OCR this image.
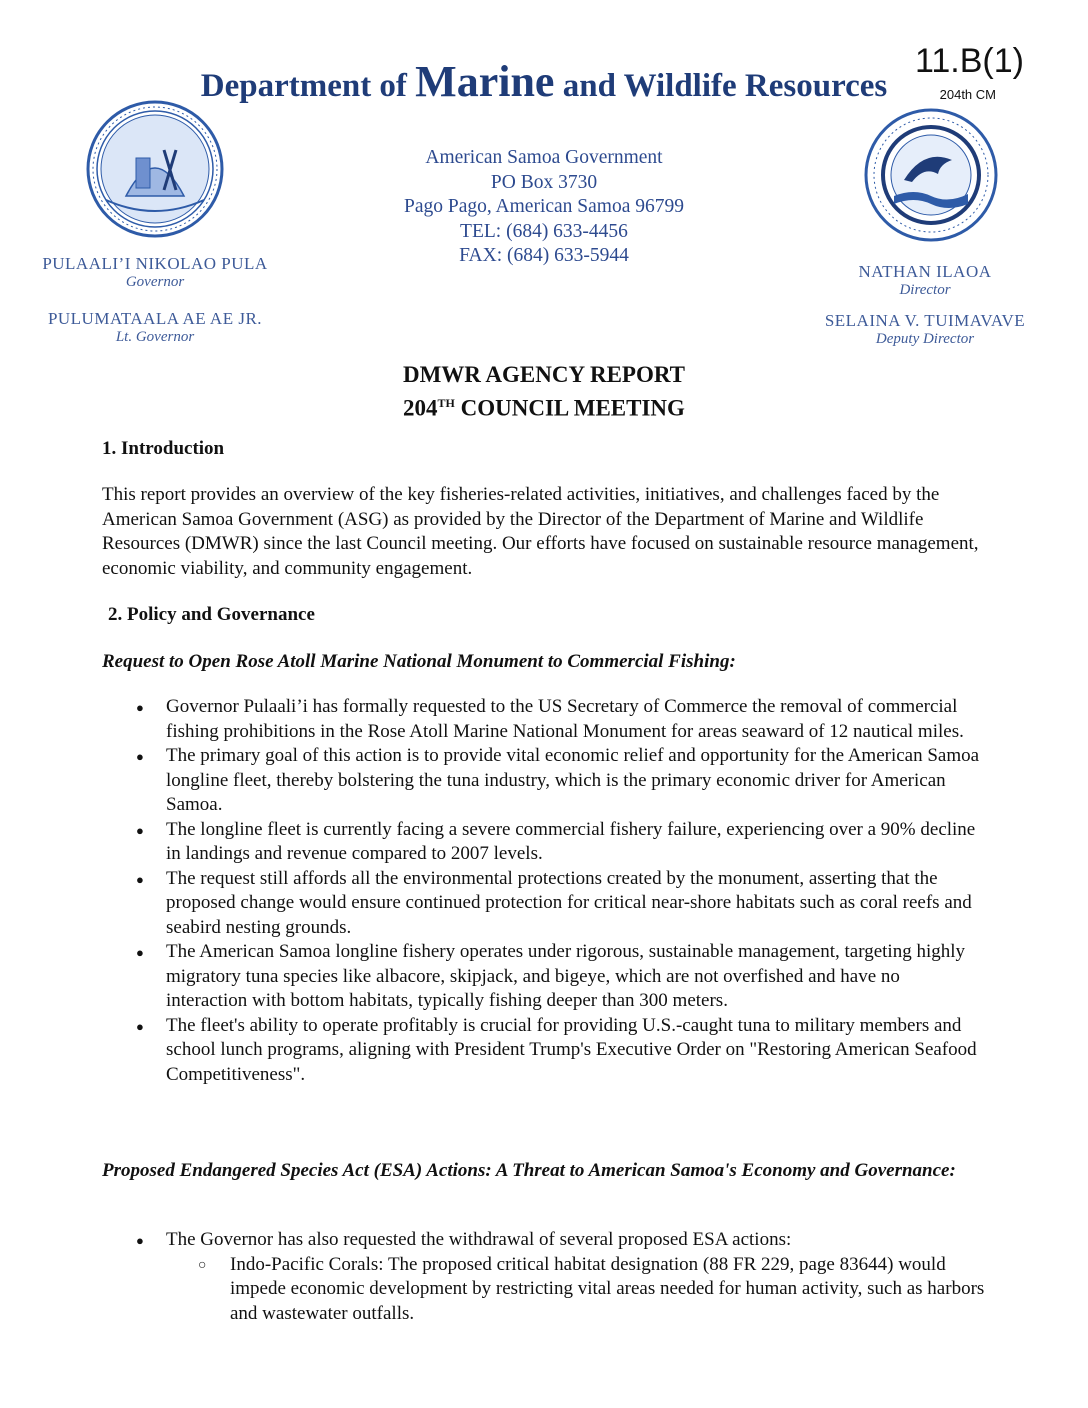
11.B(1)
204th CM
Department of Marine and Wildlife Resources
PULAALI’I NIKOLAO PULA
Governor
PULUMATAALA AE AE JR.
Lt. Governor
NATHAN ILAOA
Director
SELAINA V. TUIMAVAVE
Deputy Director
American Samoa Government
PO Box 3730
Pago Pago, American Samoa 96799
TEL: (684) 633-4456
FAX: (684) 633-5944
DMWR AGENCY REPORT
204TH COUNCIL MEETING
1. Introduction
This report provides an overview of the key fisheries-related activities, initiatives, and challenges faced by the American Samoa Government (ASG) as provided by the Director of the Department of Marine and Wildlife Resources (DMWR) since the last Council meeting. Our efforts have focused on sustainable resource management, economic viability, and community engagement.
2. Policy and Governance
Request to Open Rose Atoll Marine National Monument to Commercial Fishing:
● Governor Pulaali’i has formally requested to the US Secretary of Commerce the removal of commercial fishing prohibitions in the Rose Atoll Marine National Monument for areas seaward of 12 nautical miles.
● The primary goal of this action is to provide vital economic relief and opportunity for the American Samoa longline fleet, thereby bolstering the tuna industry, which is the primary economic driver for American Samoa.
● The longline fleet is currently facing a severe commercial fishery failure, experiencing over a 90% decline in landings and revenue compared to 2007 levels.
● The request still affords all the environmental protections created by the monument, asserting that the proposed change would ensure continued protection for critical near-shore habitats such as coral reefs and seabird nesting grounds.
● The American Samoa longline fishery operates under rigorous, sustainable management, targeting highly migratory tuna species like albacore, skipjack, and bigeye, which are not overfished and have no interaction with bottom habitats, typically fishing deeper than 300 meters.
● The fleet's ability to operate profitably is crucial for providing U.S.-caught tuna to military members and school lunch programs, aligning with President Trump's Executive Order on "Restoring American Seafood Competitiveness".
Proposed Endangered Species Act (ESA) Actions: A Threat to American Samoa's Economy and Governance:
● The Governor has also requested the withdrawal of several proposed ESA actions:
○ Indo-Pacific Corals: The proposed critical habitat designation (88 FR 229, page 83644) would impede economic development by restricting vital areas needed for human activity, such as harbors and wastewater outfalls.
